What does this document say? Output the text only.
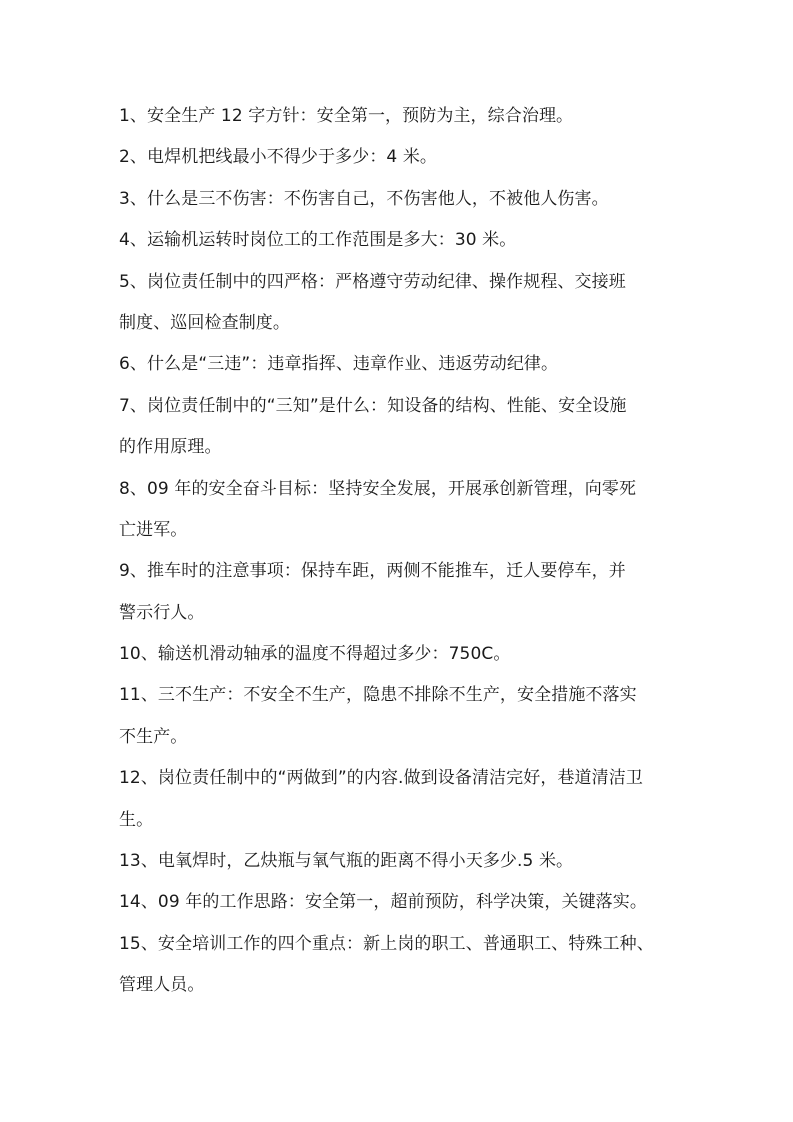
1、安全生产 12 字方针：安全第一，预防为主，综合治理。
2、电焊机把线最小不得少于多少：4 米。
3、什么是三不伤害：不伤害自己，不伤害他人，不被他人伤害。
4、运输机运转时岗位工的工作范围是多大：30 米。
5、岗位责任制中的四严格：严格遵守劳动纪律、操作规程、交接班
制度、巡回检查制度。
6、什么是“三违”：违章指挥、违章作业、违返劳动纪律。
7、岗位责任制中的“三知”是什么：知设备的结构、性能、安全设施
的作用原理。
8、09 年的安全奋斗目标：坚持安全发展，开展承创新管理，向零死
亡进军。
9、推车时的注意事项：保持车距，两侧不能推车，迁人要停车，并
警示行人。
10、输送机滑动轴承的温度不得超过多少：750C。
11、三不生产：不安全不生产，隐患不排除不生产，安全措施不落实
不生产。
12、岗位责任制中的“两做到”的内容.做到设备清洁完好，巷道清洁卫
生。
13、电氧焊时，乙炔瓶与氧气瓶的距离不得小天多少.5 米。
14、09 年的工作思路：安全第一，超前预防，科学决策，关键落实。
15、安全培训工作的四个重点：新上岗的职工、普通职工、特殊工种、
管理人员。
